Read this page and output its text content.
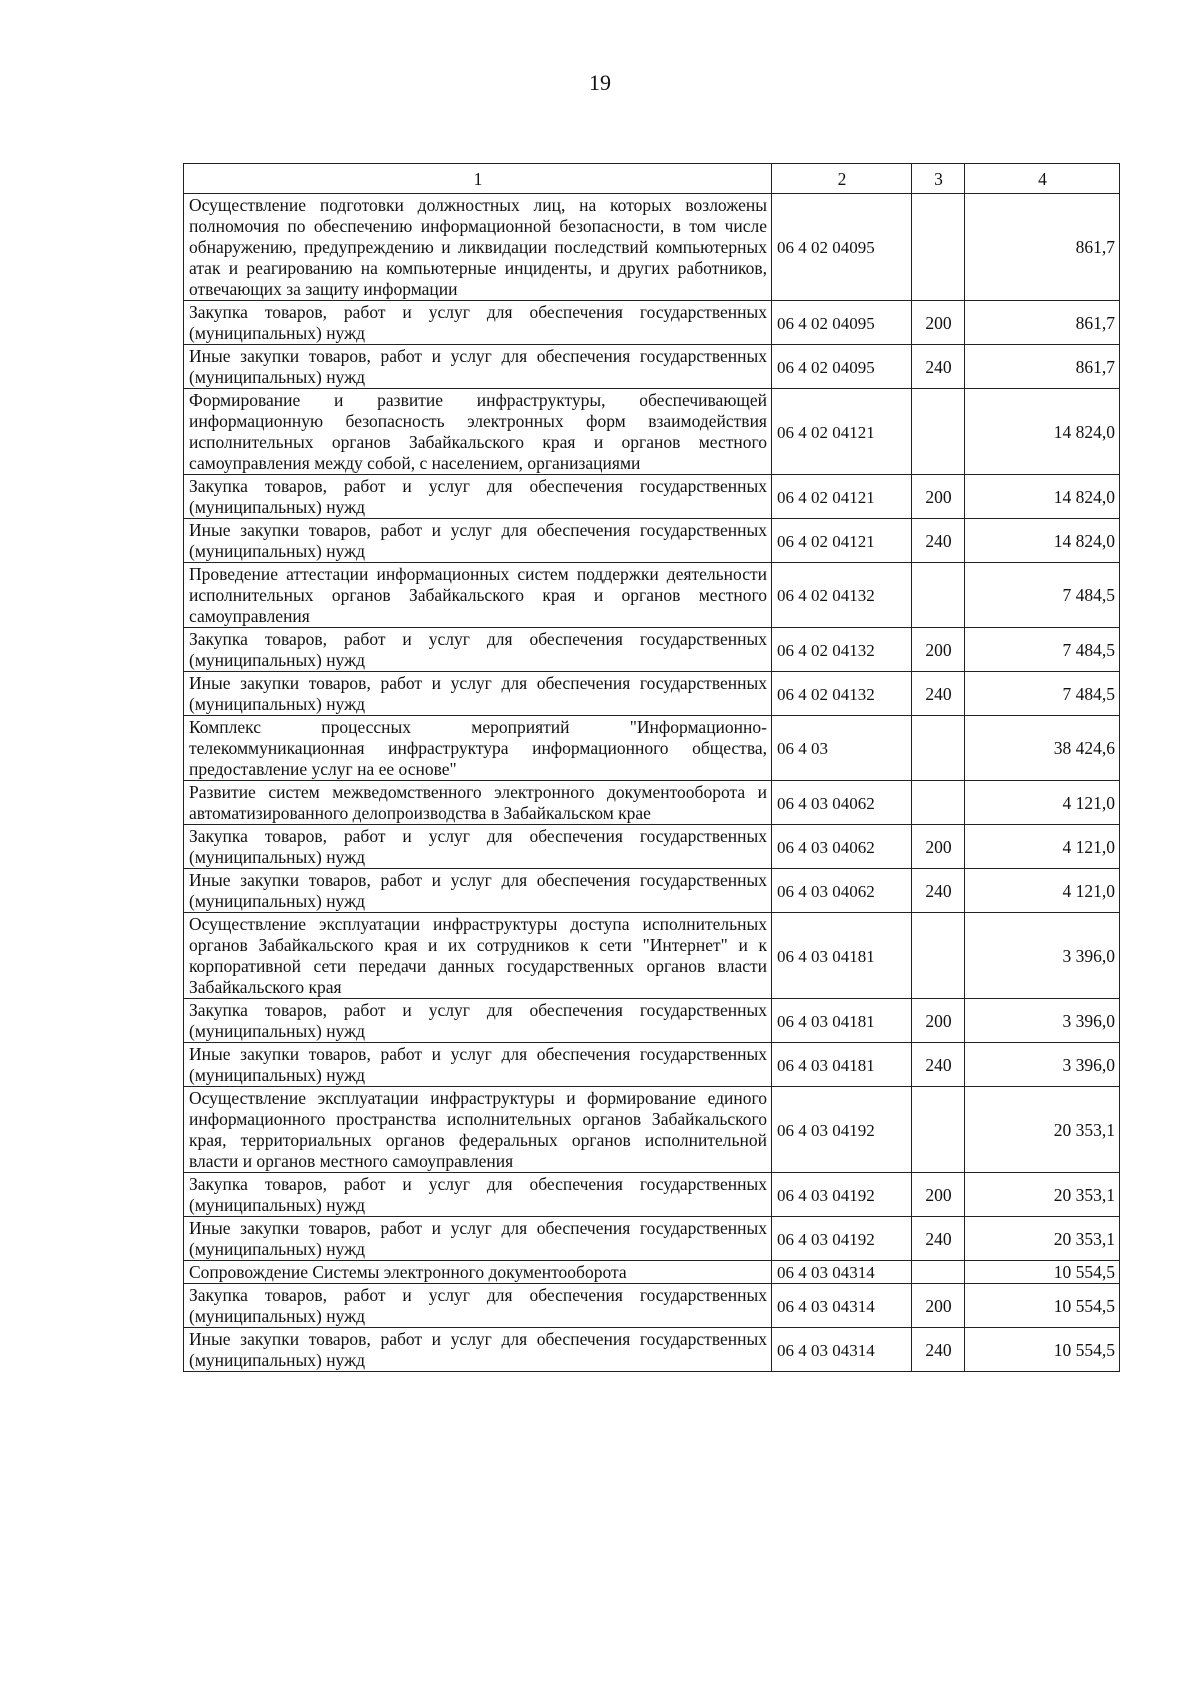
19
1	2	3	4
Осуществление подготовки должностных лиц, на которых возложены полномочия по обеспечению информационной безопасности, в том числе обнаружению, предупреждению и ликвидации последствий компьютерных атак и реагированию на компьютерные инциденты, и других работников, отвечающих за защиту информации	06 4 02 04095		861,7
Закупка товаров, работ и услуг для обеспечения государственных (муниципальных) нужд	06 4 02 04095	200	861,7
Иные закупки товаров, работ и услуг для обеспечения государственных (муниципальных) нужд	06 4 02 04095	240	861,7
Формирование и развитие инфраструктуры, обеспечивающей информационную безопасность электронных форм взаимодействия исполнительных органов Забайкальского края и органов местного самоуправления между собой, с населением, организациями	06 4 02 04121		14 824,0
Закупка товаров, работ и услуг для обеспечения государственных (муниципальных) нужд	06 4 02 04121	200	14 824,0
Иные закупки товаров, работ и услуг для обеспечения государственных (муниципальных) нужд	06 4 02 04121	240	14 824,0
Проведение аттестации информационных систем поддержки деятельности исполнительных органов Забайкальского края и органов местного самоуправления	06 4 02 04132		7 484,5
Закупка товаров, работ и услуг для обеспечения государственных (муниципальных) нужд	06 4 02 04132	200	7 484,5
Иные закупки товаров, работ и услуг для обеспечения государственных (муниципальных) нужд	06 4 02 04132	240	7 484,5
Комплекс процессных мероприятий "Информационно-телекоммуникационная инфраструктура информационного общества, предоставление услуг на ее основе"	06 4 03		38 424,6
Развитие систем межведомственного электронного документооборота и автоматизированного делопроизводства в Забайкальском крае	06 4 03 04062		4 121,0
Закупка товаров, работ и услуг для обеспечения государственных (муниципальных) нужд	06 4 03 04062	200	4 121,0
Иные закупки товаров, работ и услуг для обеспечения государственных (муниципальных) нужд	06 4 03 04062	240	4 121,0
Осуществление эксплуатации инфраструктуры доступа исполнительных органов Забайкальского края и их сотрудников к сети "Интернет" и к корпоративной сети передачи данных государственных органов власти Забайкальского края	06 4 03 04181		3 396,0
Закупка товаров, работ и услуг для обеспечения государственных (муниципальных) нужд	06 4 03 04181	200	3 396,0
Иные закупки товаров, работ и услуг для обеспечения государственных (муниципальных) нужд	06 4 03 04181	240	3 396,0
Осуществление эксплуатации инфраструктуры и формирование единого информационного пространства исполнительных органов Забайкальского края, территориальных органов федеральных органов исполнительной власти и органов местного самоуправления	06 4 03 04192		20 353,1
Закупка товаров, работ и услуг для обеспечения государственных (муниципальных) нужд	06 4 03 04192	200	20 353,1
Иные закупки товаров, работ и услуг для обеспечения государственных (муниципальных) нужд	06 4 03 04192	240	20 353,1
Сопровождение Системы электронного документооборота	06 4 03 04314		10 554,5
Закупка товаров, работ и услуг для обеспечения государственных (муниципальных) нужд	06 4 03 04314	200	10 554,5
Иные закупки товаров, работ и услуг для обеспечения государственных (муниципальных) нужд	06 4 03 04314	240	10 554,5
